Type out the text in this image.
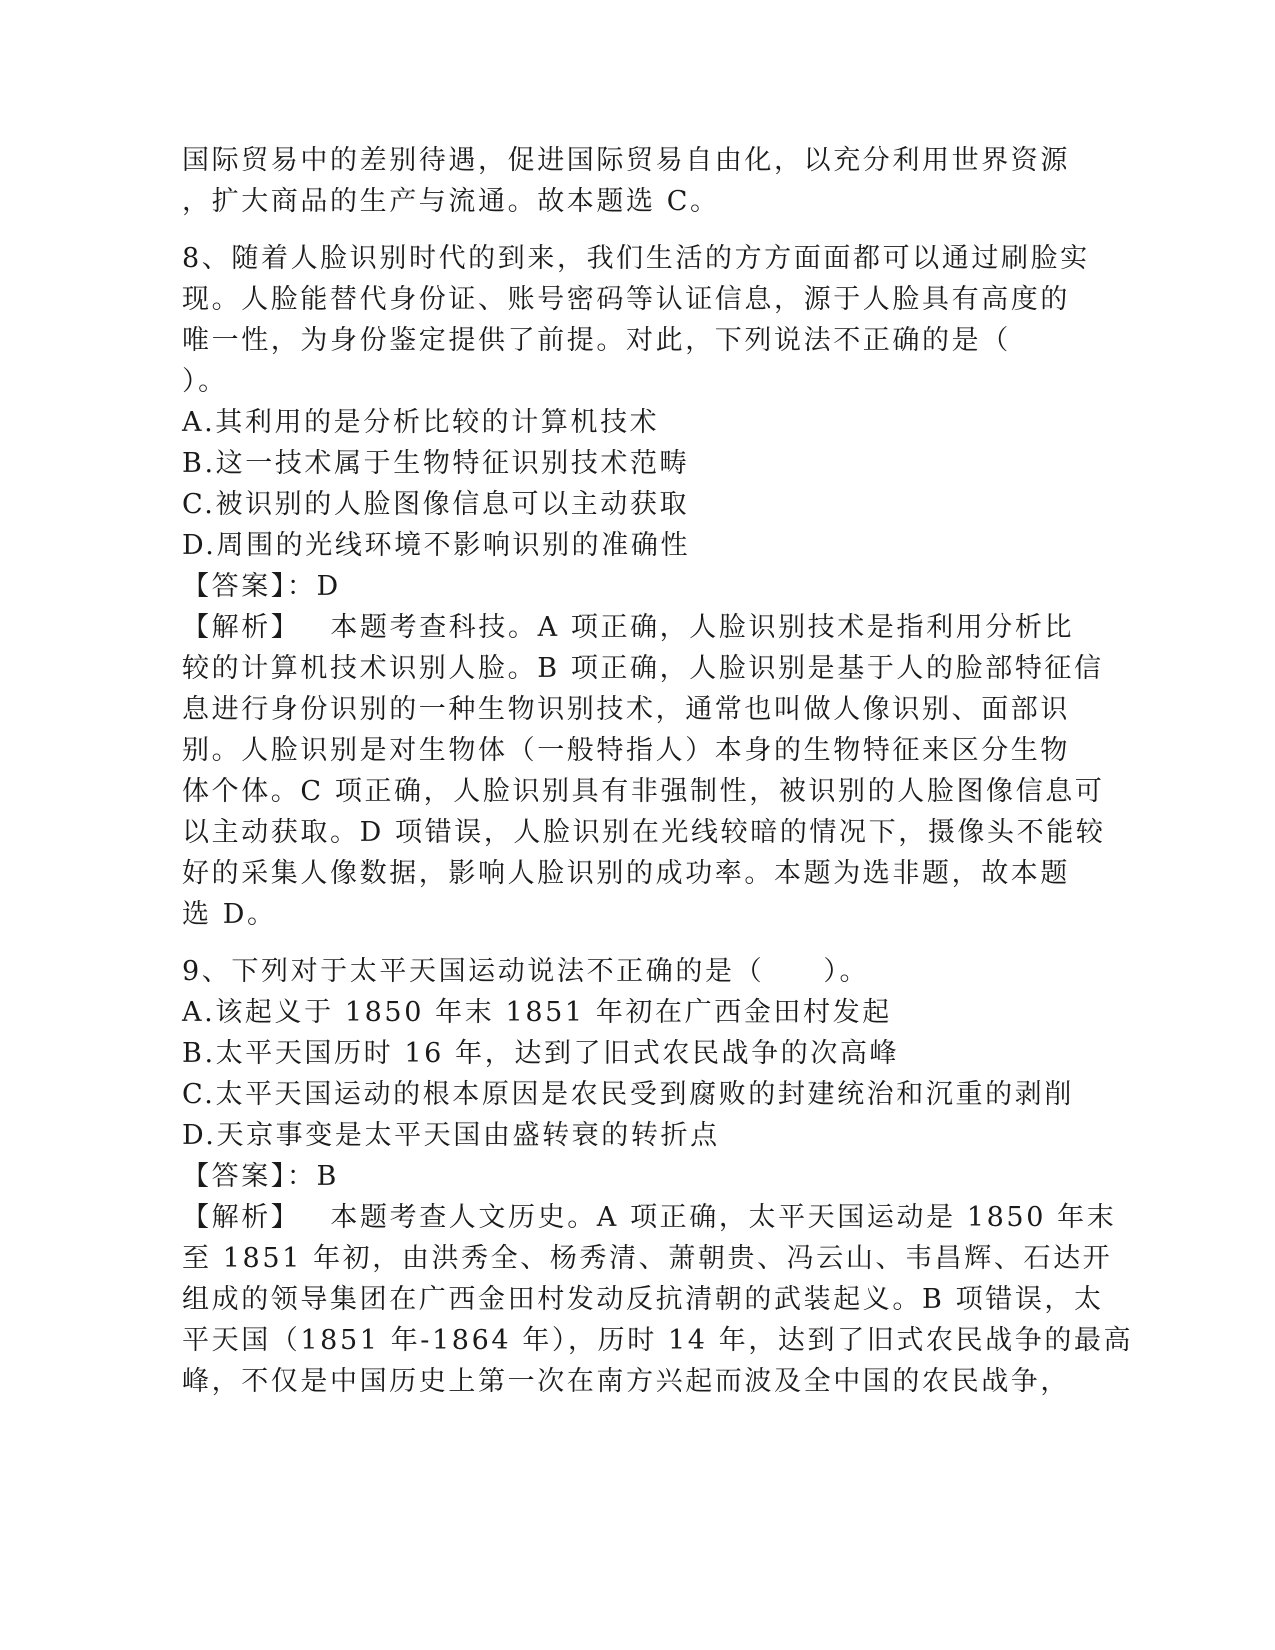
国际贸易中的差别待遇，促进国际贸易自由化，以充分利用世界资源
，扩大商品的生产与流通。故本题选 C。
8、随着人脸识别时代的到来，我们生活的方方面面都可以通过刷脸实
现。人脸能替代身份证、账号密码等认证信息，源于人脸具有高度的
唯一性，为身份鉴定提供了前提。对此，下列说法不正确的是（
）。
A.其利用的是分析比较的计算机技术
B.这一技术属于生物特征识别技术范畴
C.被识别的人脸图像信息可以主动获取
D.周围的光线环境不影响识别的准确性
【答案】：D
【解析】 本题考查科技。A 项正确，人脸识别技术是指利用分析比
较的计算机技术识别人脸。B 项正确，人脸识别是基于人的脸部特征信
息进行身份识别的一种生物识别技术，通常也叫做人像识别、面部识
别。人脸识别是对生物体（一般特指人）本身的生物特征来区分生物
体个体。C 项正确，人脸识别具有非强制性，被识别的人脸图像信息可
以主动获取。D 项错误，人脸识别在光线较暗的情况下，摄像头不能较
好的采集人像数据，影响人脸识别的成功率。本题为选非题，故本题
选 D。
9、下列对于太平天国运动说法不正确的是（　　）。
A.该起义于 1850 年末 1851 年初在广西金田村发起
B.太平天国历时 16 年，达到了旧式农民战争的次高峰
C.太平天国运动的根本原因是农民受到腐败的封建统治和沉重的剥削
D.天京事变是太平天国由盛转衰的转折点
【答案】：B
【解析】 本题考查人文历史。A 项正确，太平天国运动是 1850 年末
至 1851 年初，由洪秀全、杨秀清、萧朝贵、冯云山、韦昌辉、石达开
组成的领导集团在广西金田村发动反抗清朝的武装起义。B 项错误，太
平天国（1851 年-1864 年），历时 14 年，达到了旧式农民战争的最高
峰，不仅是中国历史上第一次在南方兴起而波及全中国的农民战争，
